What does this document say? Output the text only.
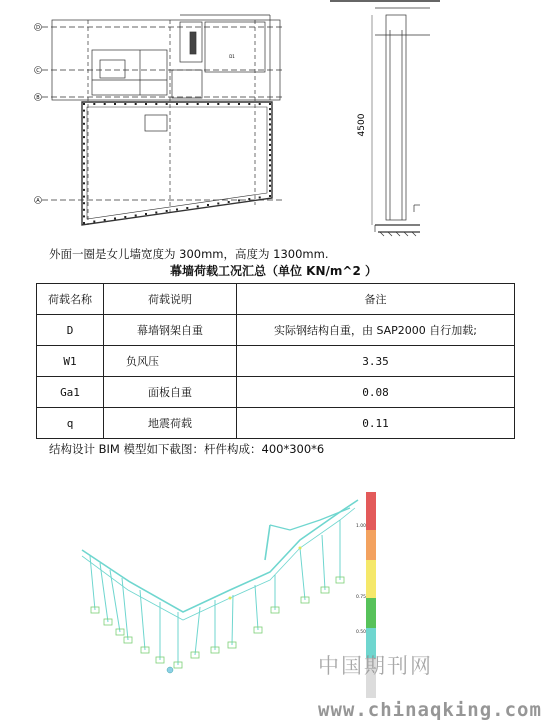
D
C
B
A
D1
4500
外面一圈是女儿墙宽度为 300mm，高度为 1300mm.
幕墙荷载工况汇总（单位 KN/m^2 ）
荷载名称	荷载说明	备注
D	幕墙钢架自重	实际钢结构自重，由 SAP2000 自行加载;
W1	负风压	3.35
Ga1	面板自重	0.08
q	地震荷载	0.11
结构设计 BIM 模型如下截图：杆件构成：400*300*6
1.00
0.75
0.50
中国期刊网
www.chinaqking.com
